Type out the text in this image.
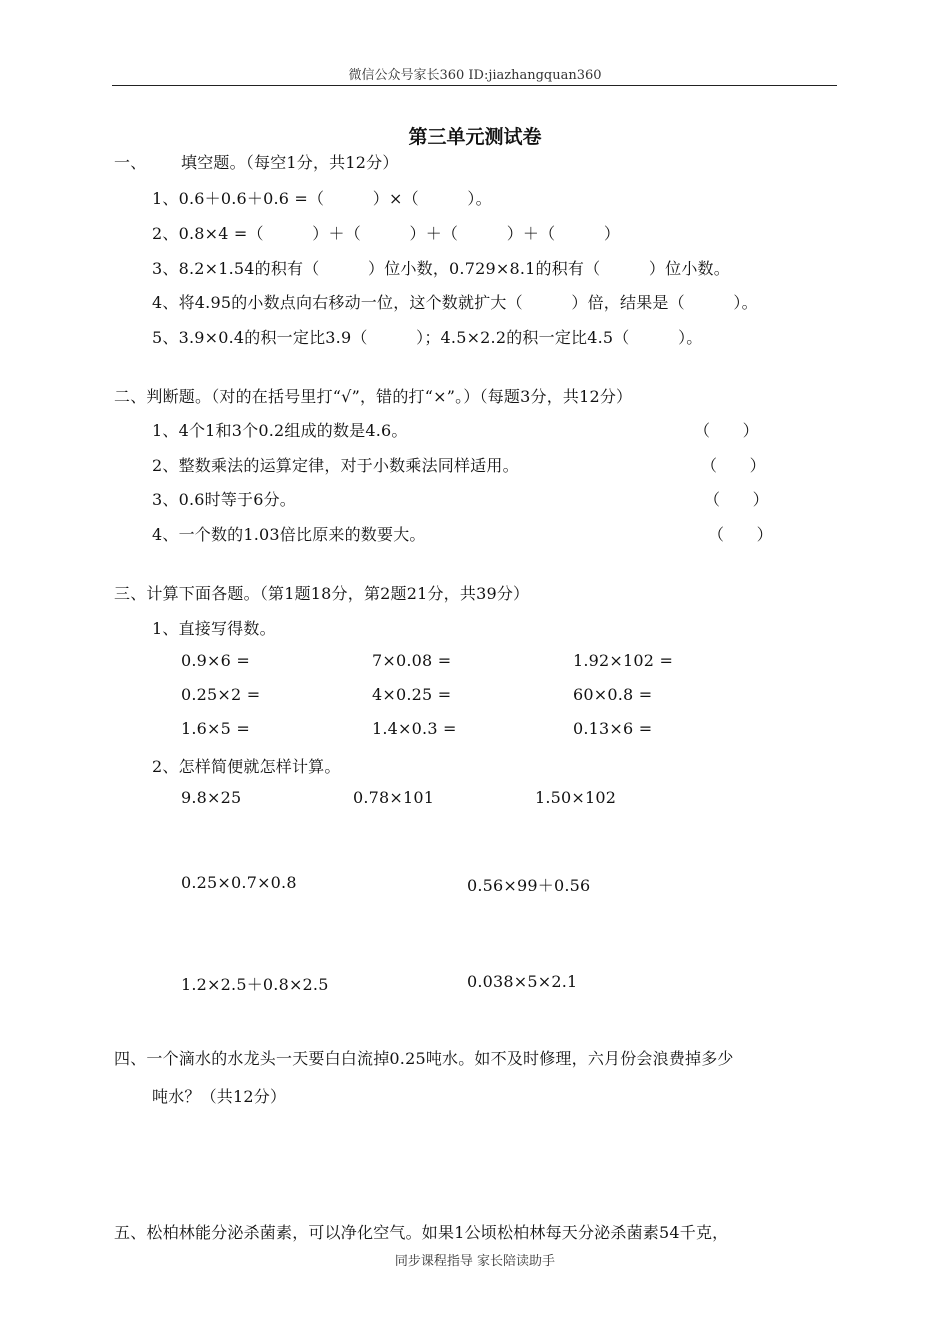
微信公众号家长360 ID:jiazhangquan360
第三单元测试卷
一、 填空题。（每空1分，共12分）
1、0.6＋0.6＋0.6 =（　　　）×（　　　）。
2、0.8×4 =（　　　）＋（　　　）＋（　　　）＋（　　　）
3、8.2×1.54的积有（　　　）位小数，0.729×8.1的积有（　　　）位小数。
4、将4.95的小数点向右移动一位，这个数就扩大（　　　）倍，结果是（　　　）。
5、3.9×0.4的积一定比3.9（　　　）；4.5×2.2的积一定比4.5（　　　）。
二、判断题。（对的在括号里打“√”，错的打“×”。）（每题3分，共12分）
1、4个1和3个0.2组成的数是4.6。	（　　）
2、整数乘法的运算定律，对于小数乘法同样适用。	（　　）
3、0.6时等于6分。	（　　）
4、一个数的1.03倍比原来的数要大。	（　　）
三、计算下面各题。（第1题18分，第2题21分，共39分）
1、直接写得数。
0.9×6 =	7×0.08 =	1.92×102 =
0.25×2 =	4×0.25 =	60×0.8 =
1.6×5 =	1.4×0.3 =	0.13×6 =
2、怎样简便就怎样计算。
9.8×25	0.78×101	1.50×102
0.25×0.7×0.8	0.56×99＋0.56
1.2×2.5＋0.8×2.5	0.038×5×2.1
四、一个滴水的水龙头一天要白白流掉0.25吨水。如不及时修理，六月份会浪费掉多少
吨水？（共12分）
五、松柏林能分泌杀菌素，可以净化空气。如果1公顷松柏林每天分泌杀菌素54千克，
同步课程指导 家长陪读助手
